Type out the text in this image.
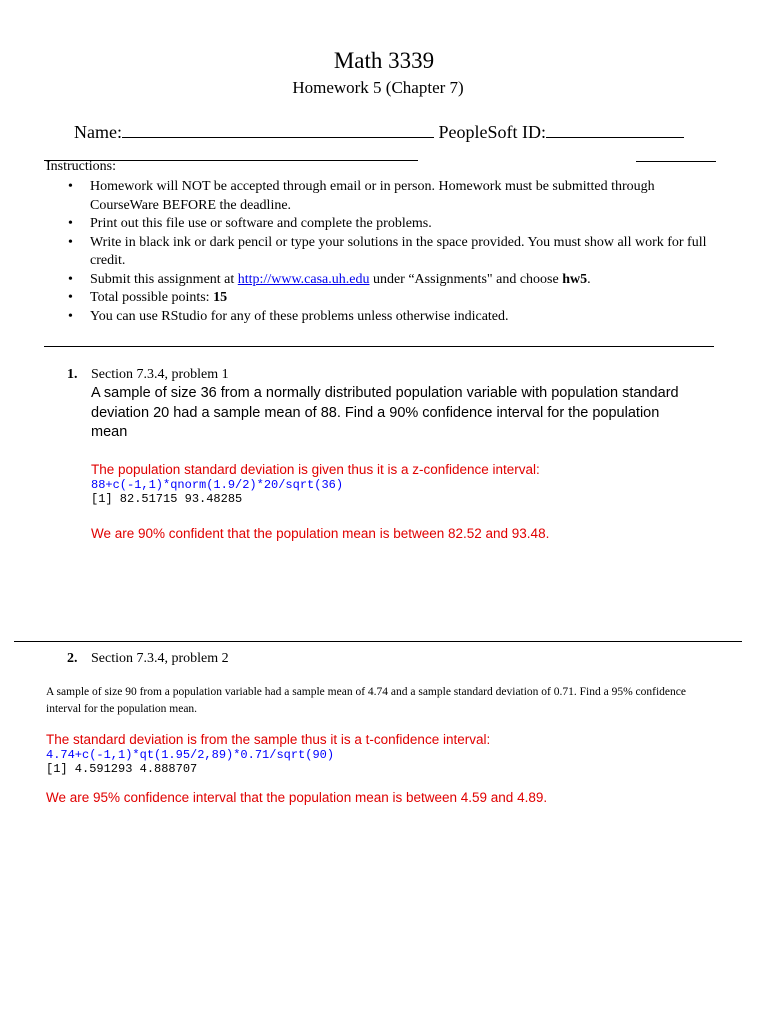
Math 3339
Homework 5 (Chapter 7)
Name:	PeopleSoft ID:
Instructions:
• Homework will NOT be accepted through email or in person. Homework must be submitted through CourseWare BEFORE the deadline.
• Print out this file use or software and complete the problems.
• Write in black ink or dark pencil or type your solutions in the space provided. You must show all work for full credit.
• Submit this assignment at http://www.casa.uh.edu under “Assignments" and choose hw5.
• Total possible points: 15
• You can use RStudio for any of these problems unless otherwise indicated.
1. Section 7.3.4, problem 1
A sample of size 36 from a normally distributed population variable with population standard deviation 20 had a sample mean of 88. Find a 90% confidence interval for the population mean
The population standard deviation is given thus it is a z-confidence interval:
88+c(-1,1)*qnorm(1.9/2)*20/sqrt(36)
[1] 82.51715 93.48285
We are 90% confident that the population mean is between 82.52 and 93.48.
2. Section 7.3.4, problem 2
A sample of size 90 from a population variable had a sample mean of 4.74 and a sample standard deviation of 0.71. Find a 95% confidence interval for the population mean.
The standard deviation is from the sample thus it is a t-confidence interval:
4.74+c(-1,1)*qt(1.95/2,89)*0.71/sqrt(90)
[1] 4.591293 4.888707
We are 95% confidence interval that the population mean is between 4.59 and 4.89.
